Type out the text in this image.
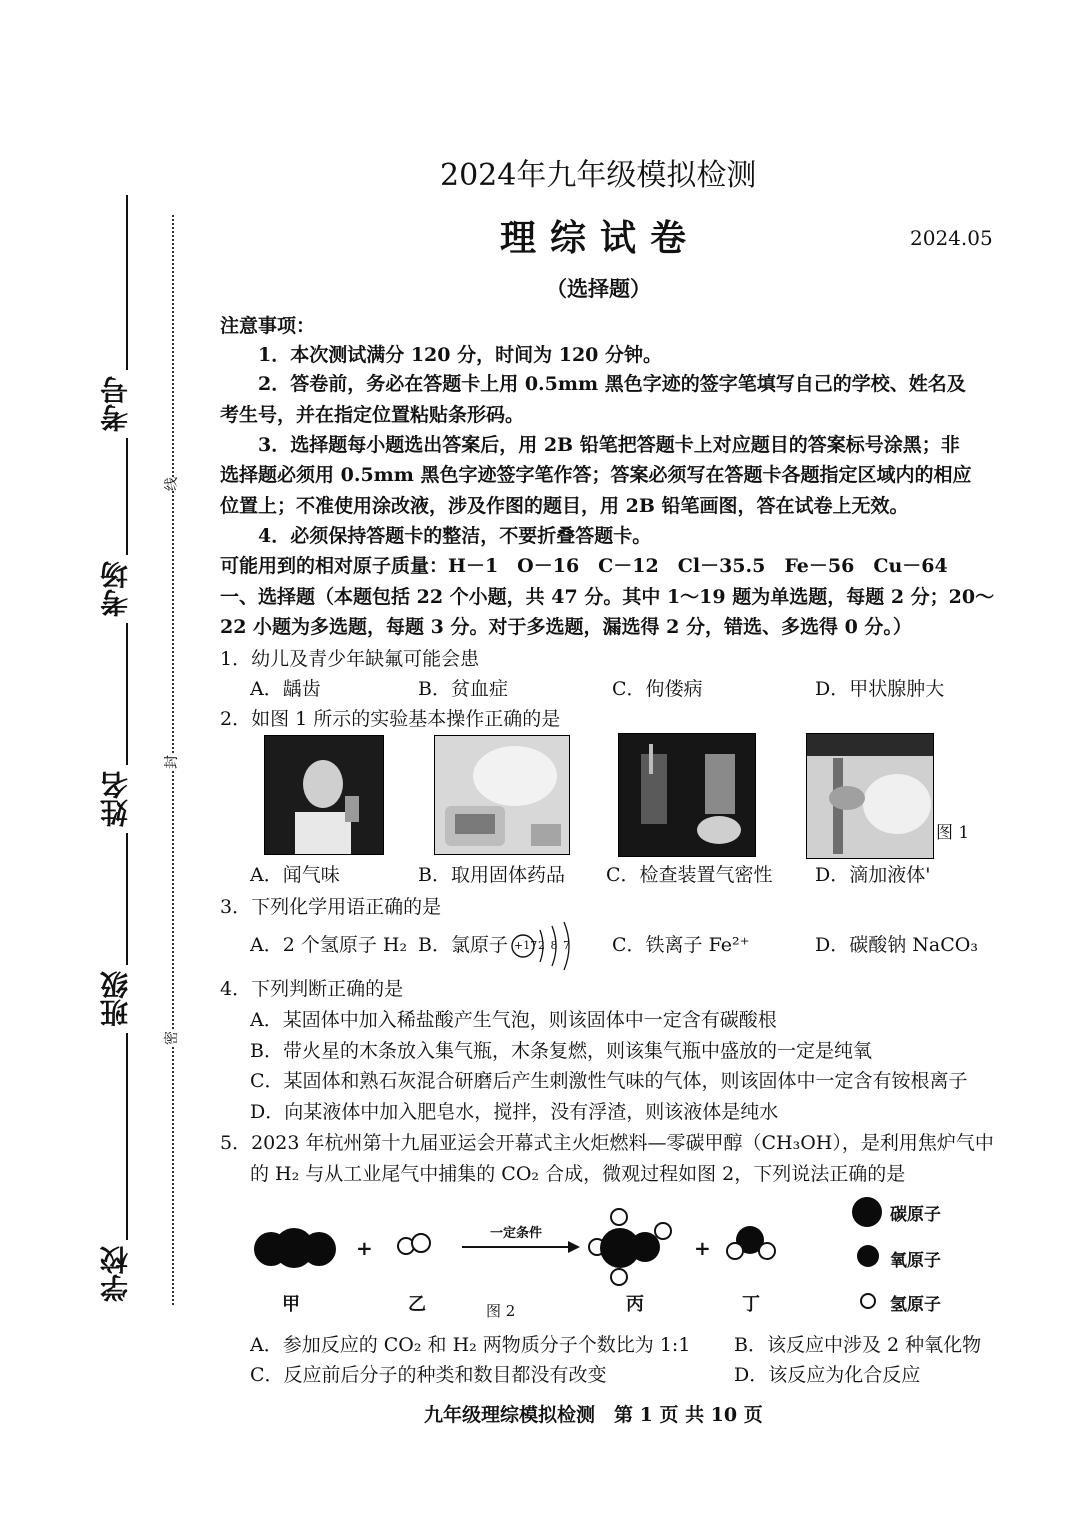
考号
考场
姓名
班级
学校
线
封
密
2024年九年级模拟检测
理综试卷	2024.05
（选择题）
注意事项：
1．本次测试满分 120 分，时间为 120 分钟。
2．答卷前，务必在答题卡上用 0.5mm 黑色字迹的签字笔填写自己的学校、姓名及
考生号，并在指定位置粘贴条形码。
3．选择题每小题选出答案后，用 2B 铅笔把答题卡上对应题目的答案标号涂黑；非
选择题必须用 0.5mm 黑色字迹签字笔作答；答案必须写在答题卡各题指定区域内的相应
位置上；不准使用涂改液，涉及作图的题目，用 2B 铅笔画图，答在试卷上无效。
4．必须保持答题卡的整洁，不要折叠答题卡。
可能用到的相对原子质量：H－1　O－16　C－12　Cl－35.5　Fe－56　Cu－64
一、选择题（本题包括 22 个小题，共 47 分。其中 1～19 题为单选题，每题 2 分；20～
22 小题为多选题，每题 3 分。对于多选题，漏选得 2 分，错选、多选得 0 分。）
1．幼儿及青少年缺氟可能会患
A．龋齿	B．贫血症	C．佝偻病	D．甲状腺肿大
2．如图 1 所示的实验基本操作正确的是
图 1
A．闻气味	B．取用固体药品 C．检查装置气密性 D．滴加液体'
3．下列化学用语正确的是
A．2 个氢原子 H₂ B．氯原子 +17 2 8 7 C．铁离子 Fe²⁺	D．碳酸钠 NaCO₃
4．下列判断正确的是
A．某固体中加入稀盐酸产生气泡，则该固体中一定含有碳酸根
B．带火星的木条放入集气瓶，木条复燃，则该集气瓶中盛放的一定是纯氧
C．某固体和熟石灰混合研磨后产生刺激性气味的气体，则该固体中一定含有铵根离子
D．向某液体中加入肥皂水，搅拌，没有浮渣，则该液体是纯水
5．2023 年杭州第十九届亚运会开幕式主火炬燃料—零碳甲醇（CH₃OH），是利用焦炉气中
的 H₂ 与从工业尾气中捕集的 CO₂ 合成，微观过程如图 2，下列说法正确的是
+
一定条件
+
甲	乙	图 2	丙	丁
碳原子
氧原子
氢原子
A．参加反应的 CO₂ 和 H₂ 两物质分子个数比为 1:1 B．该反应中涉及 2 种氧化物
C．反应前后分子的种类和数目都没有改变	D．该反应为化合反应
九年级理综模拟检测　第 1 页 共 10 页
